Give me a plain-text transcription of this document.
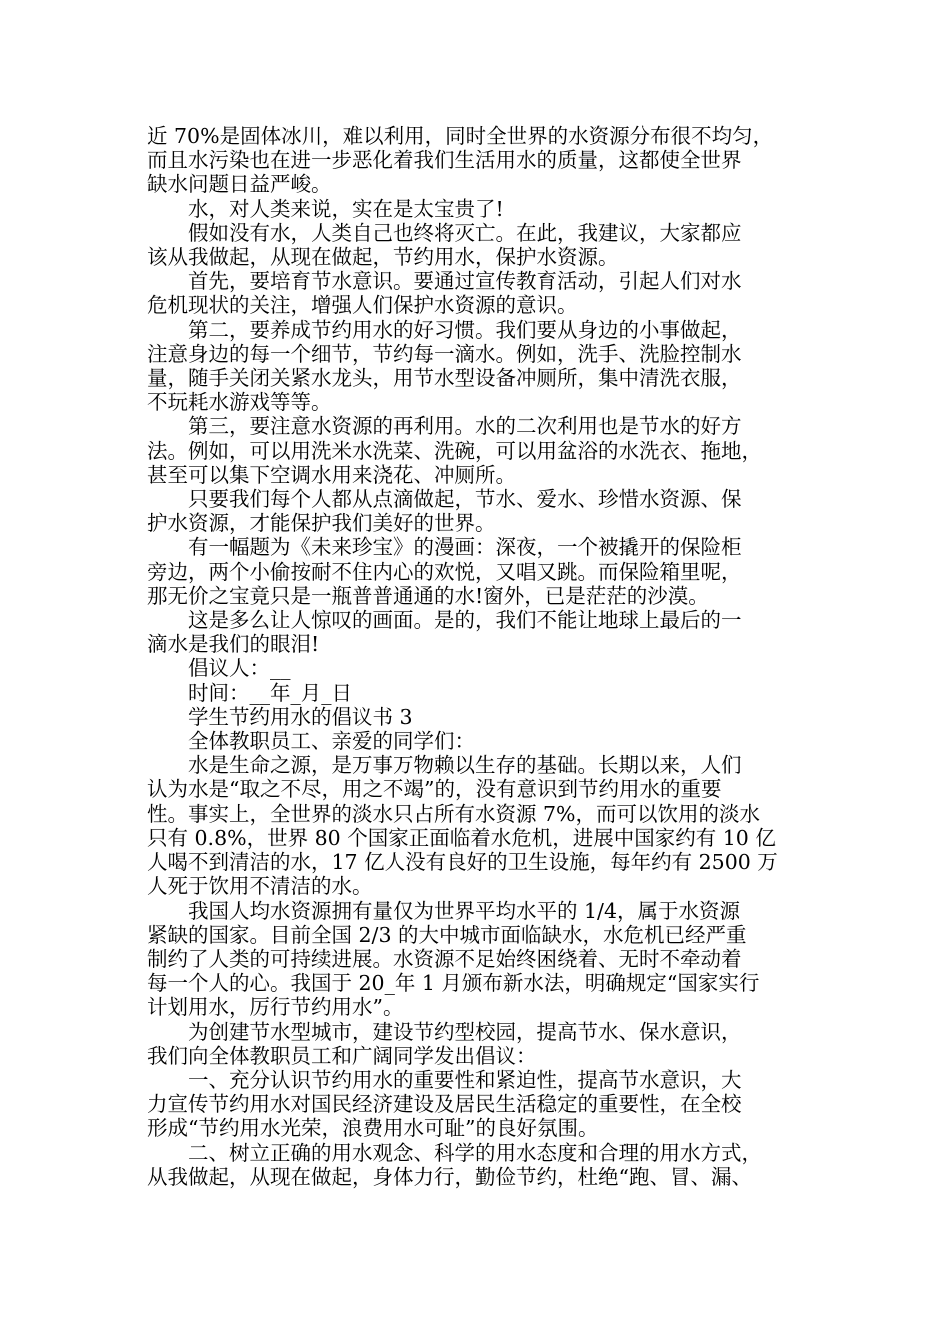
近 70%是固体冰川，难以利用，同时全世界的水资源分布很不均匀，
而且水污染也在进一步恶化着我们生活用水的质量，这都使全世界
缺水问题日益严峻。

水，对人类来说，实在是太宝贵了!

假如没有水，人类自己也终将灭亡。在此，我建议，大家都应
该从我做起，从现在做起，节约用水，保护水资源。

首先，要培育节水意识。要通过宣传教育活动，引起人们对水
危机现状的关注，增强人们保护水资源的意识。

第二，要养成节约用水的好习惯。我们要从身边的小事做起，
注意身边的每一个细节，节约每一滴水。例如，洗手、洗脸控制水
量，随手关闭关紧水龙头，用节水型设备冲厕所，集中清洗衣服，
不玩耗水游戏等等。

第三，要注意水资源的再利用。水的二次利用也是节水的好方
法。例如，可以用洗米水洗菜、洗碗，可以用盆浴的水洗衣、拖地，
甚至可以集下空调水用来浇花、冲厕所。

只要我们每个人都从点滴做起，节水、爱水、珍惜水资源、保
护水资源，才能保护我们美好的世界。

有一幅题为《未来珍宝》的漫画：深夜，一个被撬开的保险柜
旁边，两个小偷按耐不住内心的欢悦，又唱又跳。而保险箱里呢，
那无价之宝竟只是一瓶普普通通的水!窗外，已是茫茫的沙漠。

这是多么让人惊叹的画面。是的，我们不能让地球上最后的一
滴水是我们的眼泪!

倡议人：__

时间：__年_月_日

学生节约用水的倡议书 3

全体教职员工、亲爱的同学们：

水是生命之源，是万事万物赖以生存的基础。长期以来，人们
认为水是“取之不尽，用之不竭”的，没有意识到节约用水的重要
性。事实上，全世界的淡水只占所有水资源 7%，而可以饮用的淡水
只有 0.8%，世界 80 个国家正面临着水危机，进展中国家约有 10 亿
人喝不到清洁的水，17 亿人没有良好的卫生设施，每年约有 2500 万
人死于饮用不清洁的水。

我国人均水资源拥有量仅为世界平均水平的 1/4，属于水资源
紧缺的国家。目前全国 2/3 的大中城市面临缺水，水危机已经严重
制约了人类的可持续进展。水资源不足始终困绕着、无时不牵动着
每一个人的心。我国于 20_年 1 月颁布新水法，明确规定“国家实行
计划用水，厉行节约用水”。

为创建节水型城市，建设节约型校园，提高节水、保水意识，
我们向全体教职员工和广阔同学发出倡议：

一、充分认识节约用水的重要性和紧迫性，提高节水意识，大
力宣传节约用水对国民经济建设及居民生活稳定的重要性，在全校
形成“节约用水光荣，浪费用水可耻”的良好氛围。

二、树立正确的用水观念、科学的用水态度和合理的用水方式，
从我做起，从现在做起，身体力行，勤俭节约，杜绝“跑、冒、漏、
